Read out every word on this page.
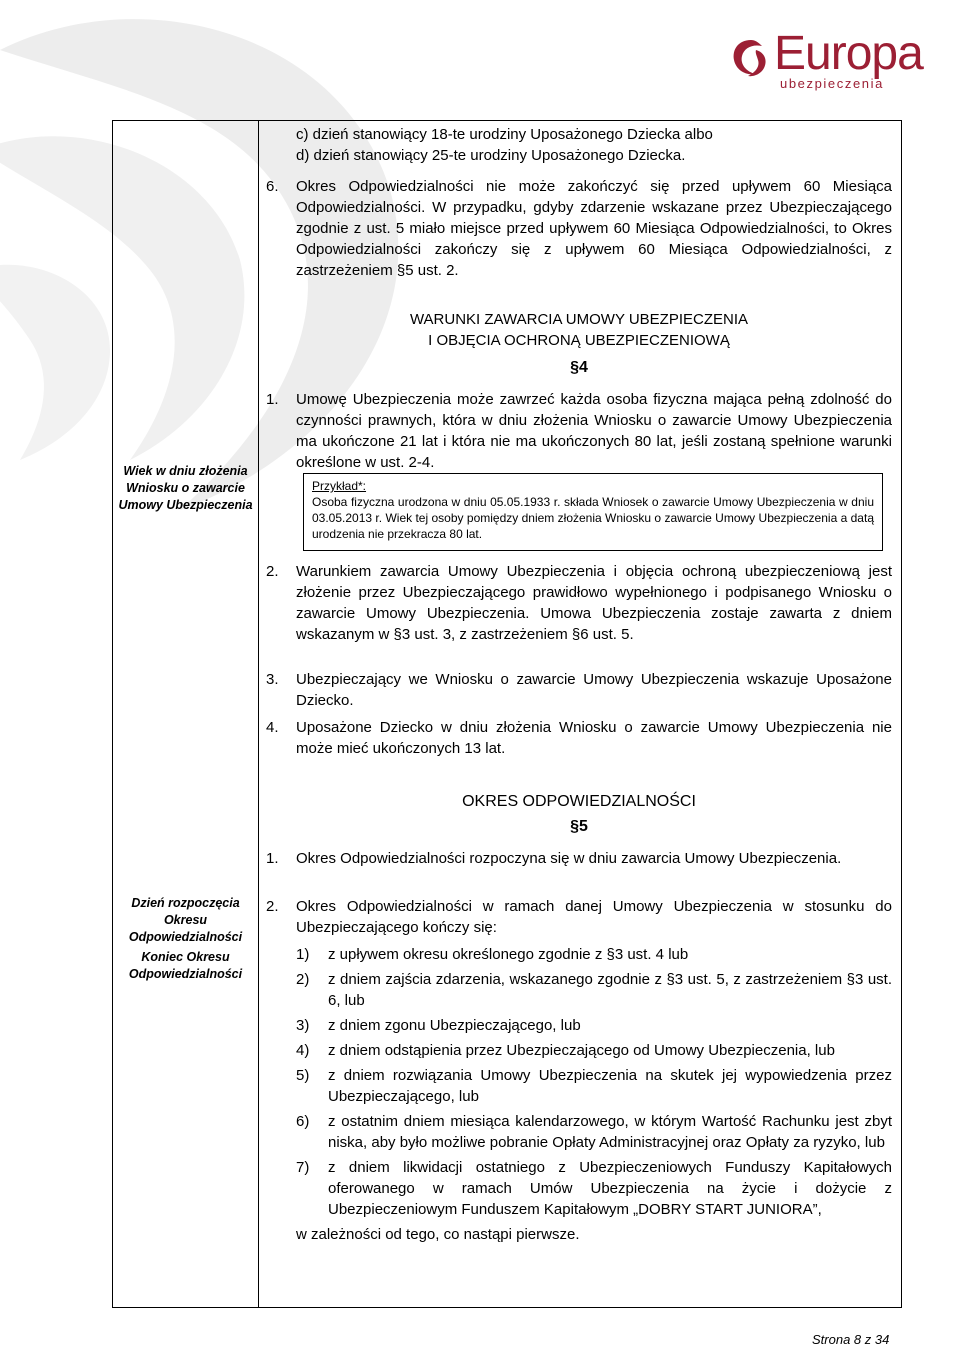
Europa
ubezpieczenia
Wiek w dniu złożenia Wniosku o zawarcie Umowy Ubezpieczenia
Dzień rozpoczęcia Okresu Odpowiedzialności
Koniec Okresu Odpowiedzialności
c) dzień stanowiący 18-te urodziny Uposażonego Dziecka albo
d) dzień stanowiący 25-te urodziny Uposażonego Dziecka.
6. Okres Odpowiedzialności nie może zakończyć się przed upływem 60 Miesiąca Odpowiedzialności. W przypadku, gdyby zdarzenie wskazane przez Ubezpieczającego zgodnie z ust. 5 miało miejsce przed upływem 60 Miesiąca Odpowiedzialności, to Okres Odpowiedzialności zakończy się z upływem 60 Miesiąca Odpowiedzialności, z zastrzeżeniem §5 ust. 2.
WARUNKI ZAWARCIA UMOWY UBEZPIECZENIA
I OBJĘCIA OCHRONĄ UBEZPIECZENIOWĄ
§4
1. Umowę Ubezpieczenia może zawrzeć każda osoba fizyczna mająca pełną zdolność do czynności prawnych, która w dniu złożenia Wniosku o zawarcie Umowy Ubezpieczenia ma ukończone 21 lat i która nie ma ukończonych 80 lat, jeśli zostaną spełnione warunki określone w ust. 2-4.
Przykład*:
Osoba fizyczna urodzona w dniu 05.05.1933 r. składa Wniosek o zawarcie Umowy Ubezpieczenia w dniu 03.05.2013 r. Wiek tej osoby pomiędzy dniem złożenia Wniosku o zawarcie Umowy Ubezpieczenia a datą urodzenia nie przekracza 80 lat.
2. Warunkiem zawarcia Umowy Ubezpieczenia i objęcia ochroną ubezpieczeniową jest złożenie przez Ubezpieczającego prawidłowo wypełnionego i podpisanego Wniosku o zawarcie Umowy Ubezpieczenia. Umowa Ubezpieczenia zostaje zawarta z dniem wskazanym w §3 ust. 3, z zastrzeżeniem §6 ust. 5.
3. Ubezpieczający we Wniosku o zawarcie Umowy Ubezpieczenia wskazuje Uposażone Dziecko.
4. Uposażone Dziecko w dniu złożenia Wniosku o zawarcie Umowy Ubezpieczenia nie może mieć ukończonych 13 lat.
OKRES ODPOWIEDZIALNOŚCI
§5
1. Okres Odpowiedzialności rozpoczyna się w dniu zawarcia Umowy Ubezpieczenia.
2. Okres Odpowiedzialności w ramach danej Umowy Ubezpieczenia w stosunku do Ubezpieczającego kończy się:
1) z upływem okresu określonego zgodnie z §3 ust. 4 lub
2) z dniem zajścia zdarzenia, wskazanego zgodnie z §3 ust. 5, z zastrzeżeniem §3 ust. 6, lub
3) z dniem zgonu Ubezpieczającego, lub
4) z dniem odstąpienia przez Ubezpieczającego od Umowy Ubezpieczenia, lub
5) z dniem rozwiązania Umowy Ubezpieczenia na skutek jej wypowiedzenia przez Ubezpieczającego, lub
6) z ostatnim dniem miesiąca kalendarzowego, w którym Wartość Rachunku jest zbyt niska, aby było możliwe pobranie Opłaty Administracyjnej oraz Opłaty za ryzyko, lub
7) z dniem likwidacji ostatniego z Ubezpieczeniowych Funduszy Kapitałowych oferowanego w ramach Umów Ubezpieczenia na życie i dożycie z Ubezpieczeniowym Funduszem Kapitałowym „DOBRY START JUNIORA”,
w zależności od tego, co nastąpi pierwsze.
Strona 8 z 34
